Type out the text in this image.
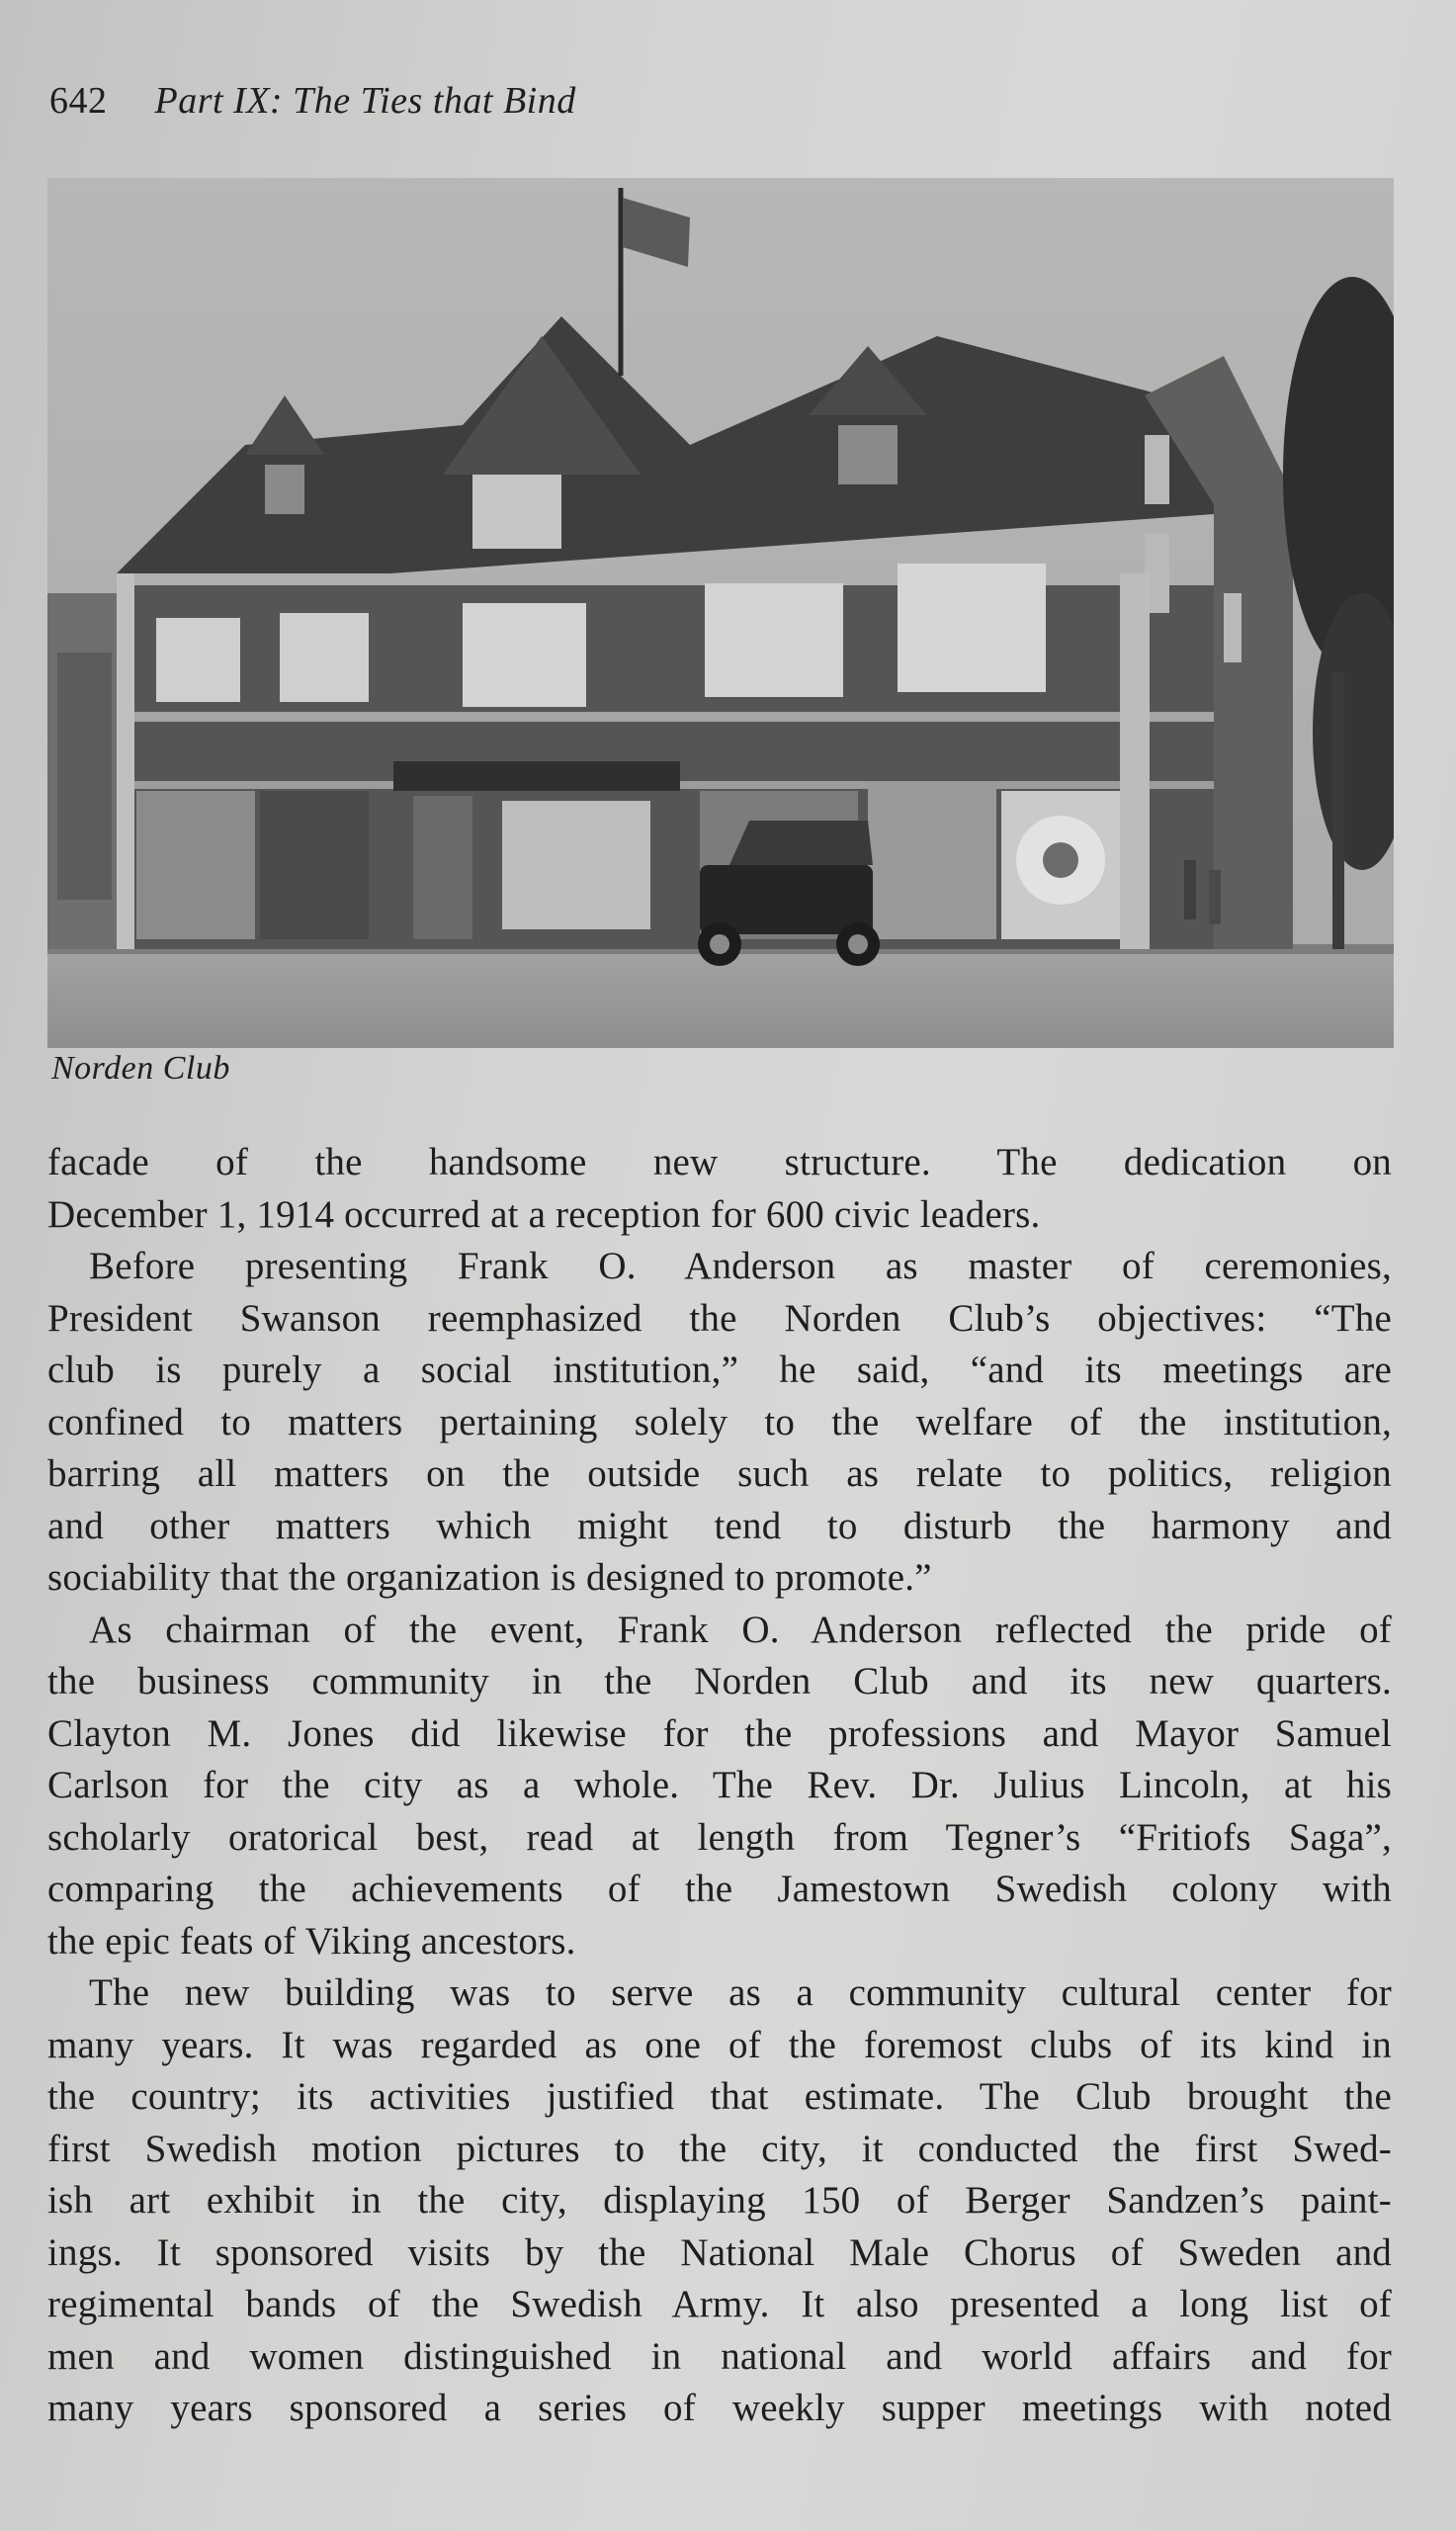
642 Part IX: The Ties that Bind
Norden Club

facade of the handsome new structure. The dedication on

December 1, 1914 occurred at a reception for 600 civic leaders.

Before presenting Frank O. Anderson as master of ceremonies,

President Swanson reemphasized the Norden Club’s objectives: “The

club is purely a social institution,” he said, “and its meetings are

confined to matters pertaining solely to the welfare of the institution,

barring all matters on the outside such as relate to politics, religion

and other matters which might tend to disturb the harmony and

sociability that the organization is designed to promote.”

As chairman of the event, Frank O. Anderson reflected the pride of

the business community in the Norden Club and its new quarters.

Clayton M. Jones did likewise for the professions and Mayor Samuel

Carlson for the city as a whole. The Rev. Dr. Julius Lincoln, at his

scholarly oratorical best, read at length from Tegner’s “Fritiofs Saga”,

comparing the achievements of the Jamestown Swedish colony with

the epic feats of Viking ancestors.

The new building was to serve as a community cultural center for

many years. It was regarded as one of the foremost clubs of its kind in

the country; its activities justified that estimate. The Club brought the

first Swedish motion pictures to the city, it conducted the first Swed-

ish art exhibit in the city, displaying 150 of Berger Sandzen’s paint-

ings. It sponsored visits by the National Male Chorus of Sweden and

regimental bands of the Swedish Army. It also presented a long list of

men and women distinguished in national and world affairs and for

many years sponsored a series of weekly supper meetings with noted
